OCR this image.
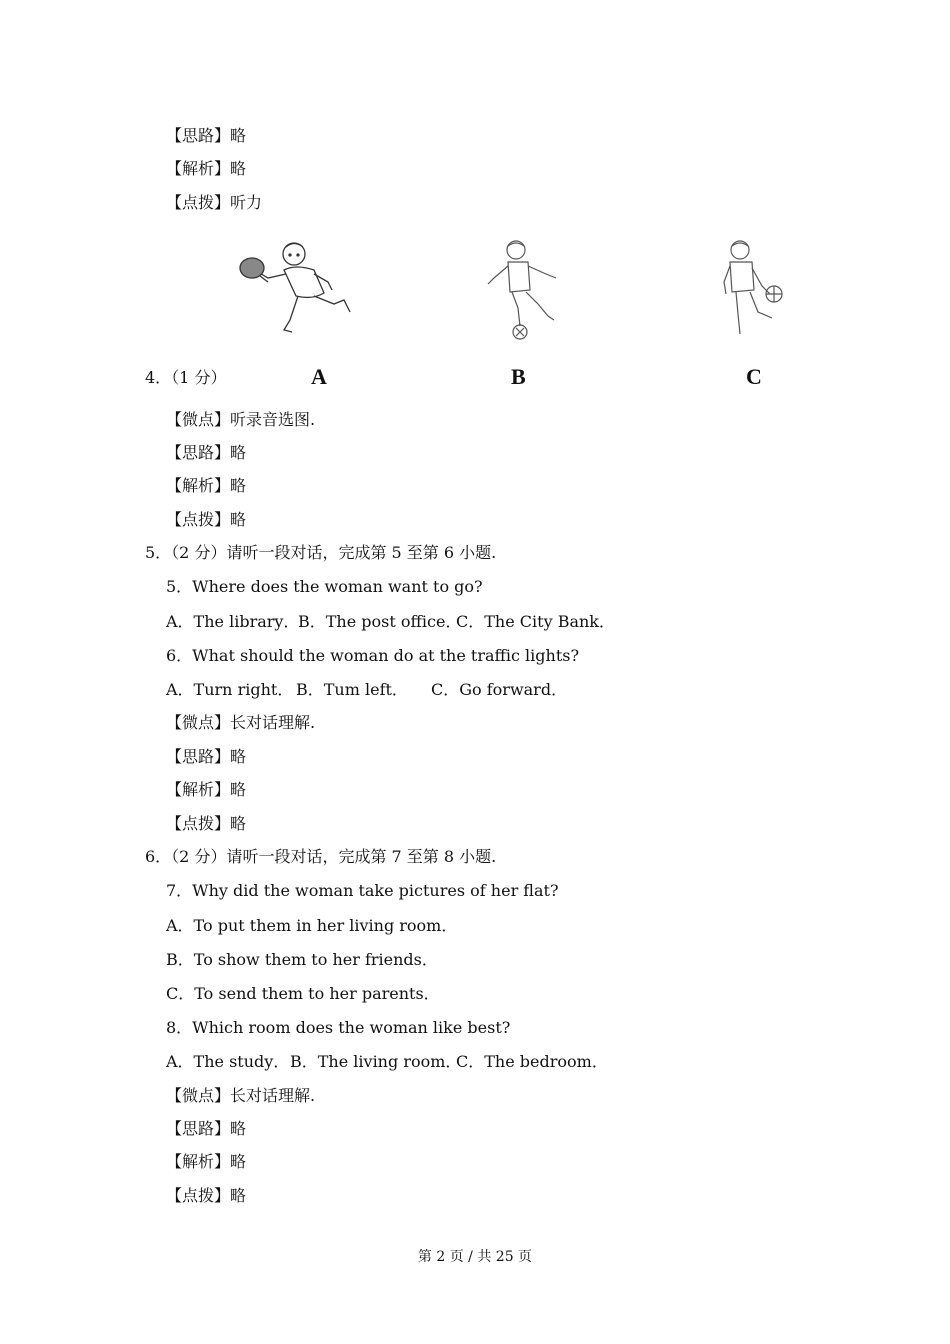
【思路】略
【解析】略
【点拨】听力
4．（1 分）	A	B	C
【微点】听录音选图.
【思路】略
【解析】略
【点拨】略
5．（2 分）请听一段对话，完成第 5 至第 6 小题.
5．Where does the woman want to go?
A．The library．
B．The post office．
C．The City Bank．
6．What should the woman do at the traffic lights?
A．Turn right． B．Tum left． C．Go forward．
【微点】长对话理解.
【思路】略
【解析】略
【点拨】略
6．（2 分）请听一段对话，完成第 7 至第 8 小题.
7．Why did the woman take pictures of her flat?
A．To put them in her living room．
B．To show them to her friends．
C．To send them to her parents．
8．Which room does the woman like best?
A．The study． B．The living room．
C．The bedroom．
【微点】长对话理解.
【思路】略
【解析】略
【点拨】略
第 2 页 / 共 25 页
